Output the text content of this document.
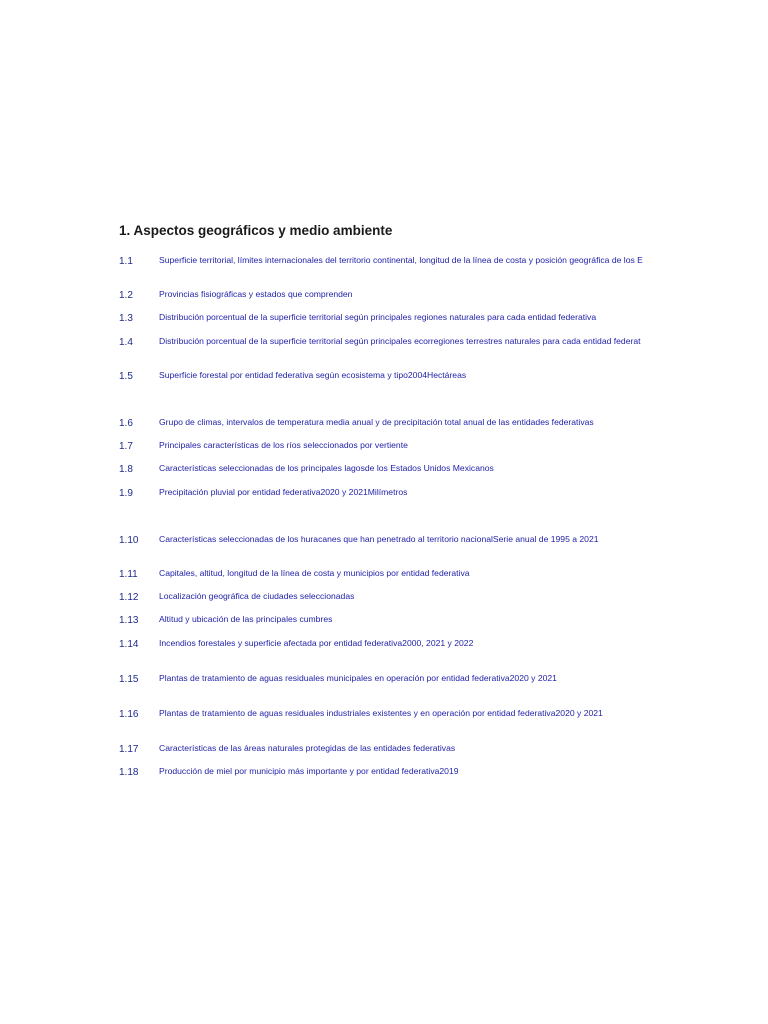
1. Aspectos geográficos y medio ambiente
1.1	Superficie territorial, límites internacionales del territorio continental, longitud de la línea de costa y posición geográfica de los E
1.2	Provincias fisiográficas y estados que comprenden
1.3	Distribución porcentual de la superficie territorial según principales regiones naturales para cada entidad federativa
1.4	Distribución porcentual de la superficie territorial según principales ecorregiones terrestres naturales para cada entidad federat
1.5	Superficie forestal por entidad federativa según ecosistema y tipo2004Hectáreas
1.6	Grupo de climas, intervalos de temperatura media anual y de precipitación total anual de las entidades federativas
1.7	Principales características de los ríos seleccionados por vertiente
1.8	Características seleccionadas de los principales lagosde los Estados Unidos Mexicanos
1.9	Precipitación pluvial por entidad federativa2020 y 2021Milímetros
1.10 Características seleccionadas de los huracanes que han penetrado al territorio nacionalSerie anual de 1995 a 2021
1.11 Capitales, altitud, longitud de la línea de costa y municipios por entidad federativa
1.12 Localización geográfica de ciudades seleccionadas
1.13 Altitud y ubicación de las principales cumbres
1.14 Incendios forestales y superficie afectada por entidad federativa2000, 2021 y 2022
1.15 Plantas de tratamiento de aguas residuales municipales en operación por entidad federativa2020 y 2021
1.16 Plantas de tratamiento de aguas residuales industriales existentes y en operación por entidad federativa2020 y 2021
1.17 Características de las áreas naturales protegidas de las entidades federativas
1.18 Producción de miel por municipio más importante y por entidad federativa2019
